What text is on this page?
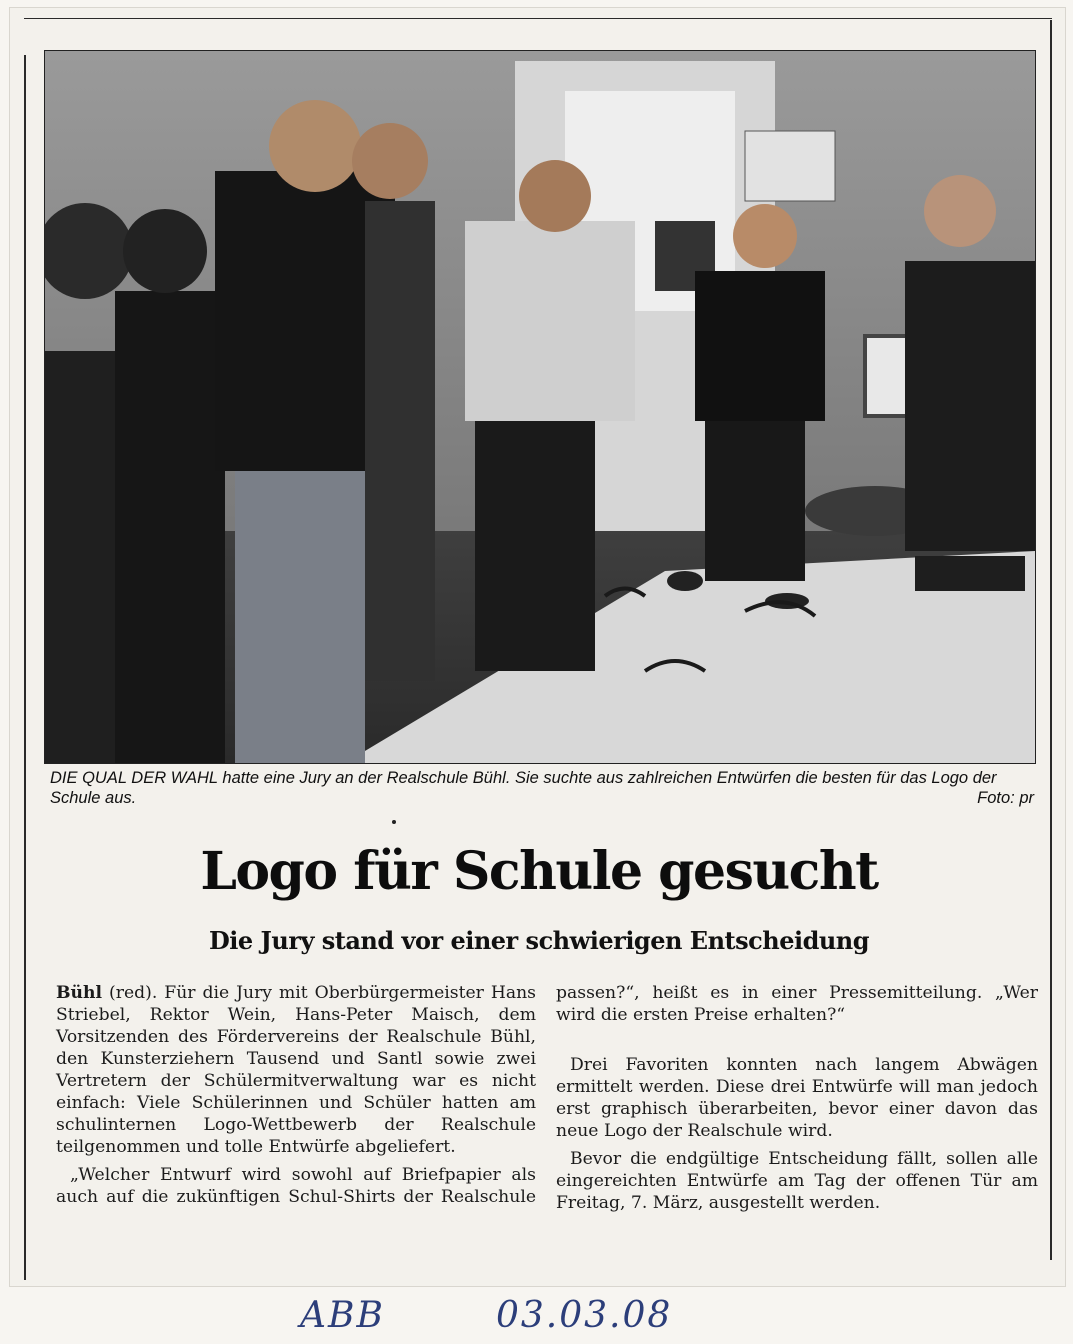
DIE QUAL DER WAHL hatte eine Jury an der Realschule Bühl. Sie suchte aus zahlreichen Entwürfen die besten für das Logo der Schule aus.	Foto: pr
Logo für Schule gesucht
Die Jury stand vor einer schwierigen Entscheidung

Bühl (red). Für die Jury mit Oberbürgermeister Hans Striebel, Rektor Wein, Hans-Peter Maisch, dem Vorsitzenden des Fördervereins der Realschule Bühl, den Kunsterziehern Tausend und Santl sowie zwei Vertretern der Schülermitverwaltung war es nicht einfach: Viele Schülerinnen und Schüler hatten am schulinternen Logo-Wettbewerb der Realschule teilgenommen und tolle Entwürfe abgeliefert.

„Welcher Entwurf wird sowohl auf Briefpapier als auch auf die zukünftigen Schul-Shirts der Realschule

passen?“, heißt es in einer Pressemitteilung. „Wer wird die ersten Preise erhalten?“

Drei Favoriten konnten nach langem Abwägen ermittelt werden. Diese drei Entwürfe will man jedoch erst graphisch überarbeiten, bevor einer davon das neue Logo der Realschule wird.

Bevor die endgültige Entscheidung fällt, sollen alle eingereichten Entwürfe am Tag der offenen Tür am Freitag, 7. März, ausgestellt werden.

ABB	03.03.08
